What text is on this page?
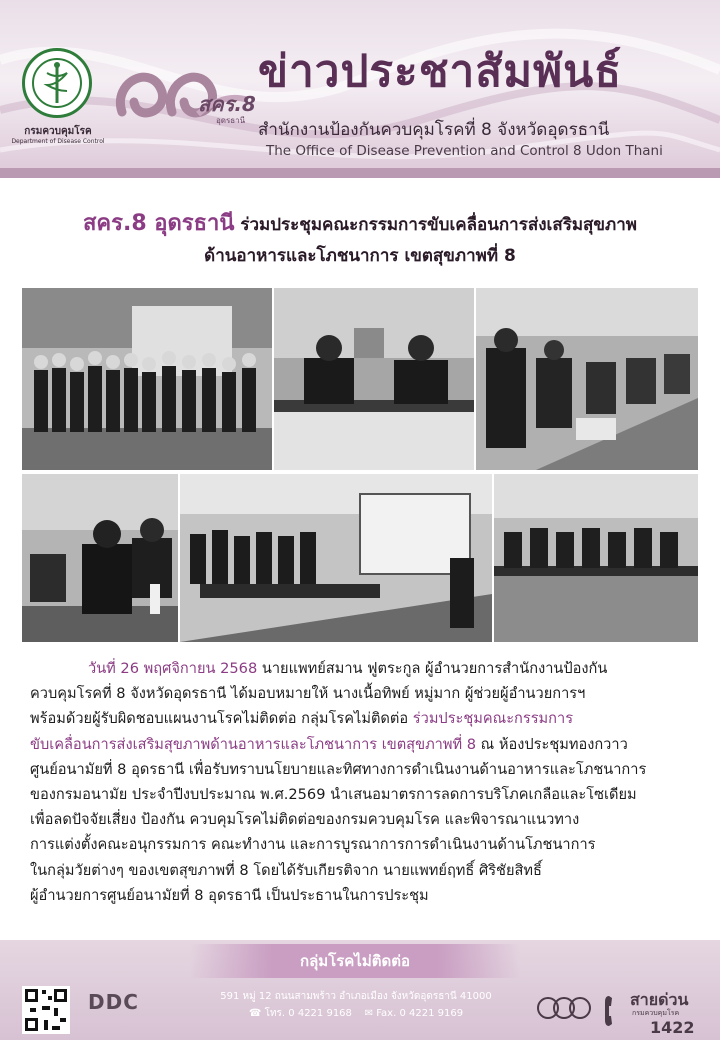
กรมควบคุมโรค
Department of Disease Control
สคร.8
อุดรธานี
ข่าวประชาสัมพันธ์
สำนักงานป้องกันควบคุมโรคที่ 8 จังหวัดอุดรธานี
The Office of Disease Prevention and Control 8 Udon Thani
สคร.8 อุดรธานี ร่วมประชุมคณะกรรมการขับเคลื่อนการส่งเสริมสุขภาพ
ด้านอาหารและโภชนาการ เขตสุขภาพที่ 8
วันที่ 26 พฤศจิกายน 2568 นายแพทย์สมาน ฟูตระกูล ผู้อำนวยการสำนักงานป้องกัน
ควบคุมโรคที่ 8 จังหวัดอุดรธานี ได้มอบหมายให้ นางเนื้อทิพย์ หมู่มาก ผู้ช่วยผู้อำนวยการฯ
พร้อมด้วยผู้รับผิดชอบแผนงานโรคไม่ติดต่อ กลุ่มโรคไม่ติดต่อ ร่วมประชุมคณะกรรมการ
ขับเคลื่อนการส่งเสริมสุขภาพด้านอาหารและโภชนาการ เขตสุขภาพที่ 8 ณ ห้องประชุมทองกวาว
ศูนย์อนามัยที่ 8 อุดรธานี เพื่อรับทราบนโยบายและทิศทางการดำเนินงานด้านอาหารและโภชนาการ
ของกรมอนามัย ประจำปีงบประมาณ พ.ศ.2569 นำเสนอมาตรการลดการบริโภคเกลือและโซเดียม
เพื่อลดปัจจัยเสี่ยง ป้องกัน ควบคุมโรคไม่ติดต่อของกรมควบคุมโรค และพิจารณาแนวทาง
การแต่งตั้งคณะอนุกรรมการ คณะทำงาน และการบูรณาการการดำเนินงานด้านโภชนาการ
ในกลุ่มวัยต่างๆ ของเขตสุขภาพที่ 8 โดยได้รับเกียรติจาก นายแพทย์ฤทธิ์ ศิริชัยสิทธิ์
ผู้อำนวยการศูนย์อนามัยที่ 8 อุดรธานี เป็นประธานในการประชุม
กลุ่มโรคไม่ติดต่อ
DDC	591 หมู่ 12 ถนนสามพร้าว อำเภอเมือง จังหวัดอุดรธานี 41000
☎ โทร. 0 4221 9168 ✉ Fax. 0 4221 9169
สายด่วน
กรมควบคุมโรค
1422
